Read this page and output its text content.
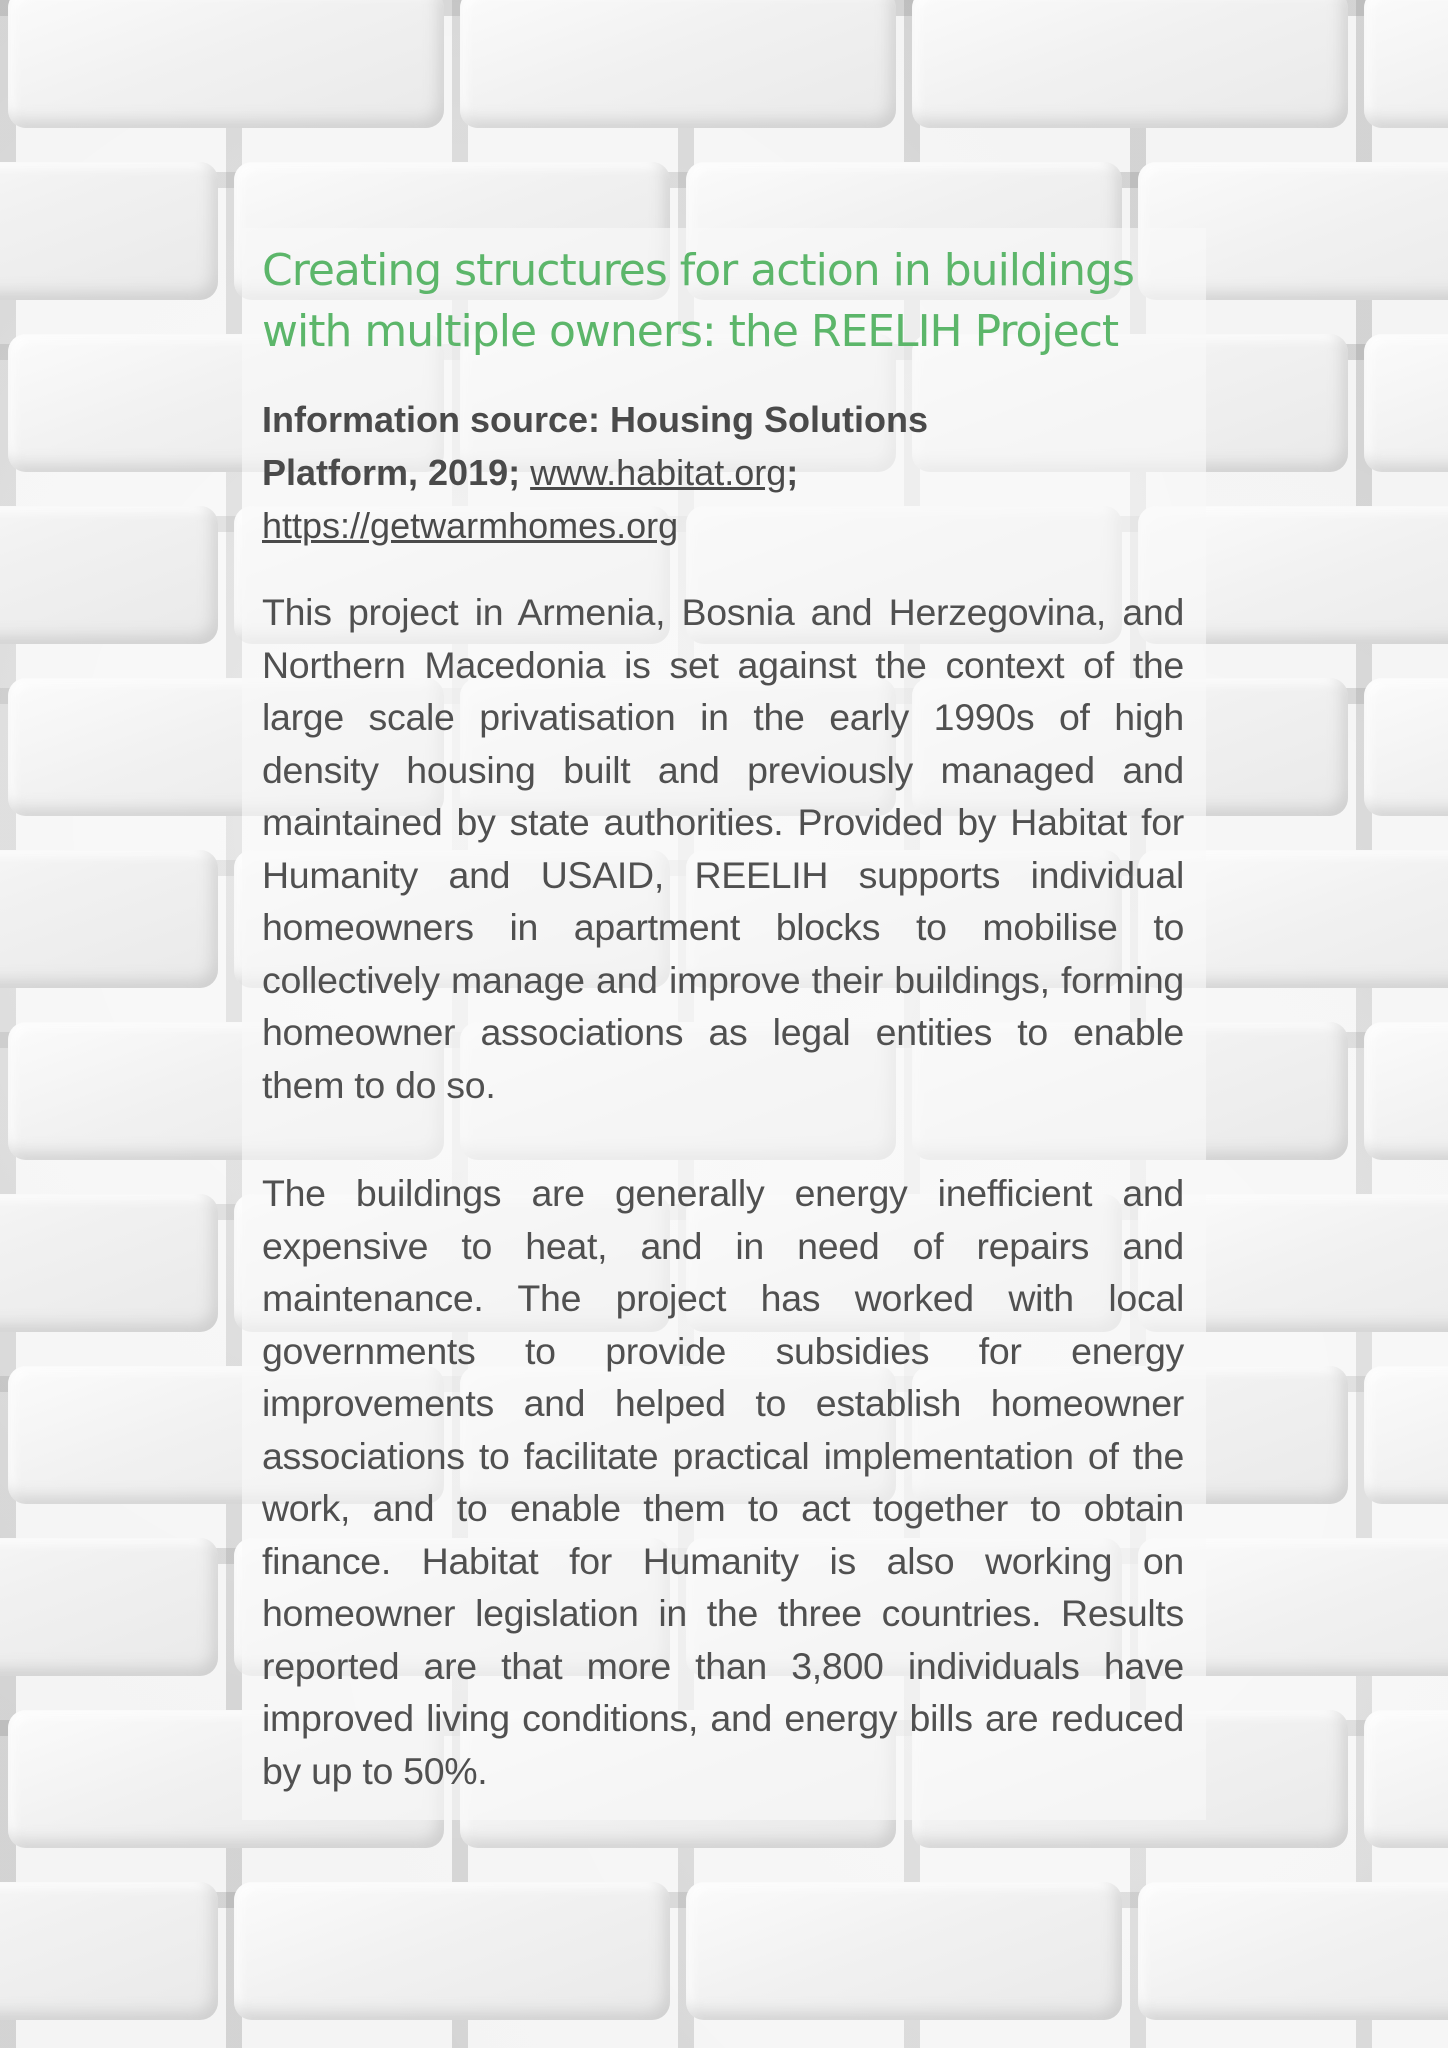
Creating structures for action in buildings with multiple owners: the REELIH Project

Information source: Housing Solutions Platform, 2019; www.habitat.org;
https://getwarmhomes.org

This project in Armenia, Bosnia and Herzegovina, and Northern Macedonia is set against the context of the large scale privatisation in the early 1990s of high density housing built and previously managed and maintained by state authorities. Provided by Habitat for Humanity and USAID, REELIH supports individual homeowners in apartment blocks to mobilise to collectively manage and improve their buildings, forming homeowner associations as legal entities to enable them to do so.

The buildings are generally energy inefficient and expensive to heat, and in need of repairs and maintenance. The project has worked with local governments to provide subsidies for energy improvements and helped to establish homeowner associations to facilitate practical implementation of the work, and to enable them to act together to obtain finance. Habitat for Humanity is also working on homeowner legislation in the three countries. Results reported are that more than 3,800 individuals have improved living conditions, and energy bills are reduced by up to 50%.
